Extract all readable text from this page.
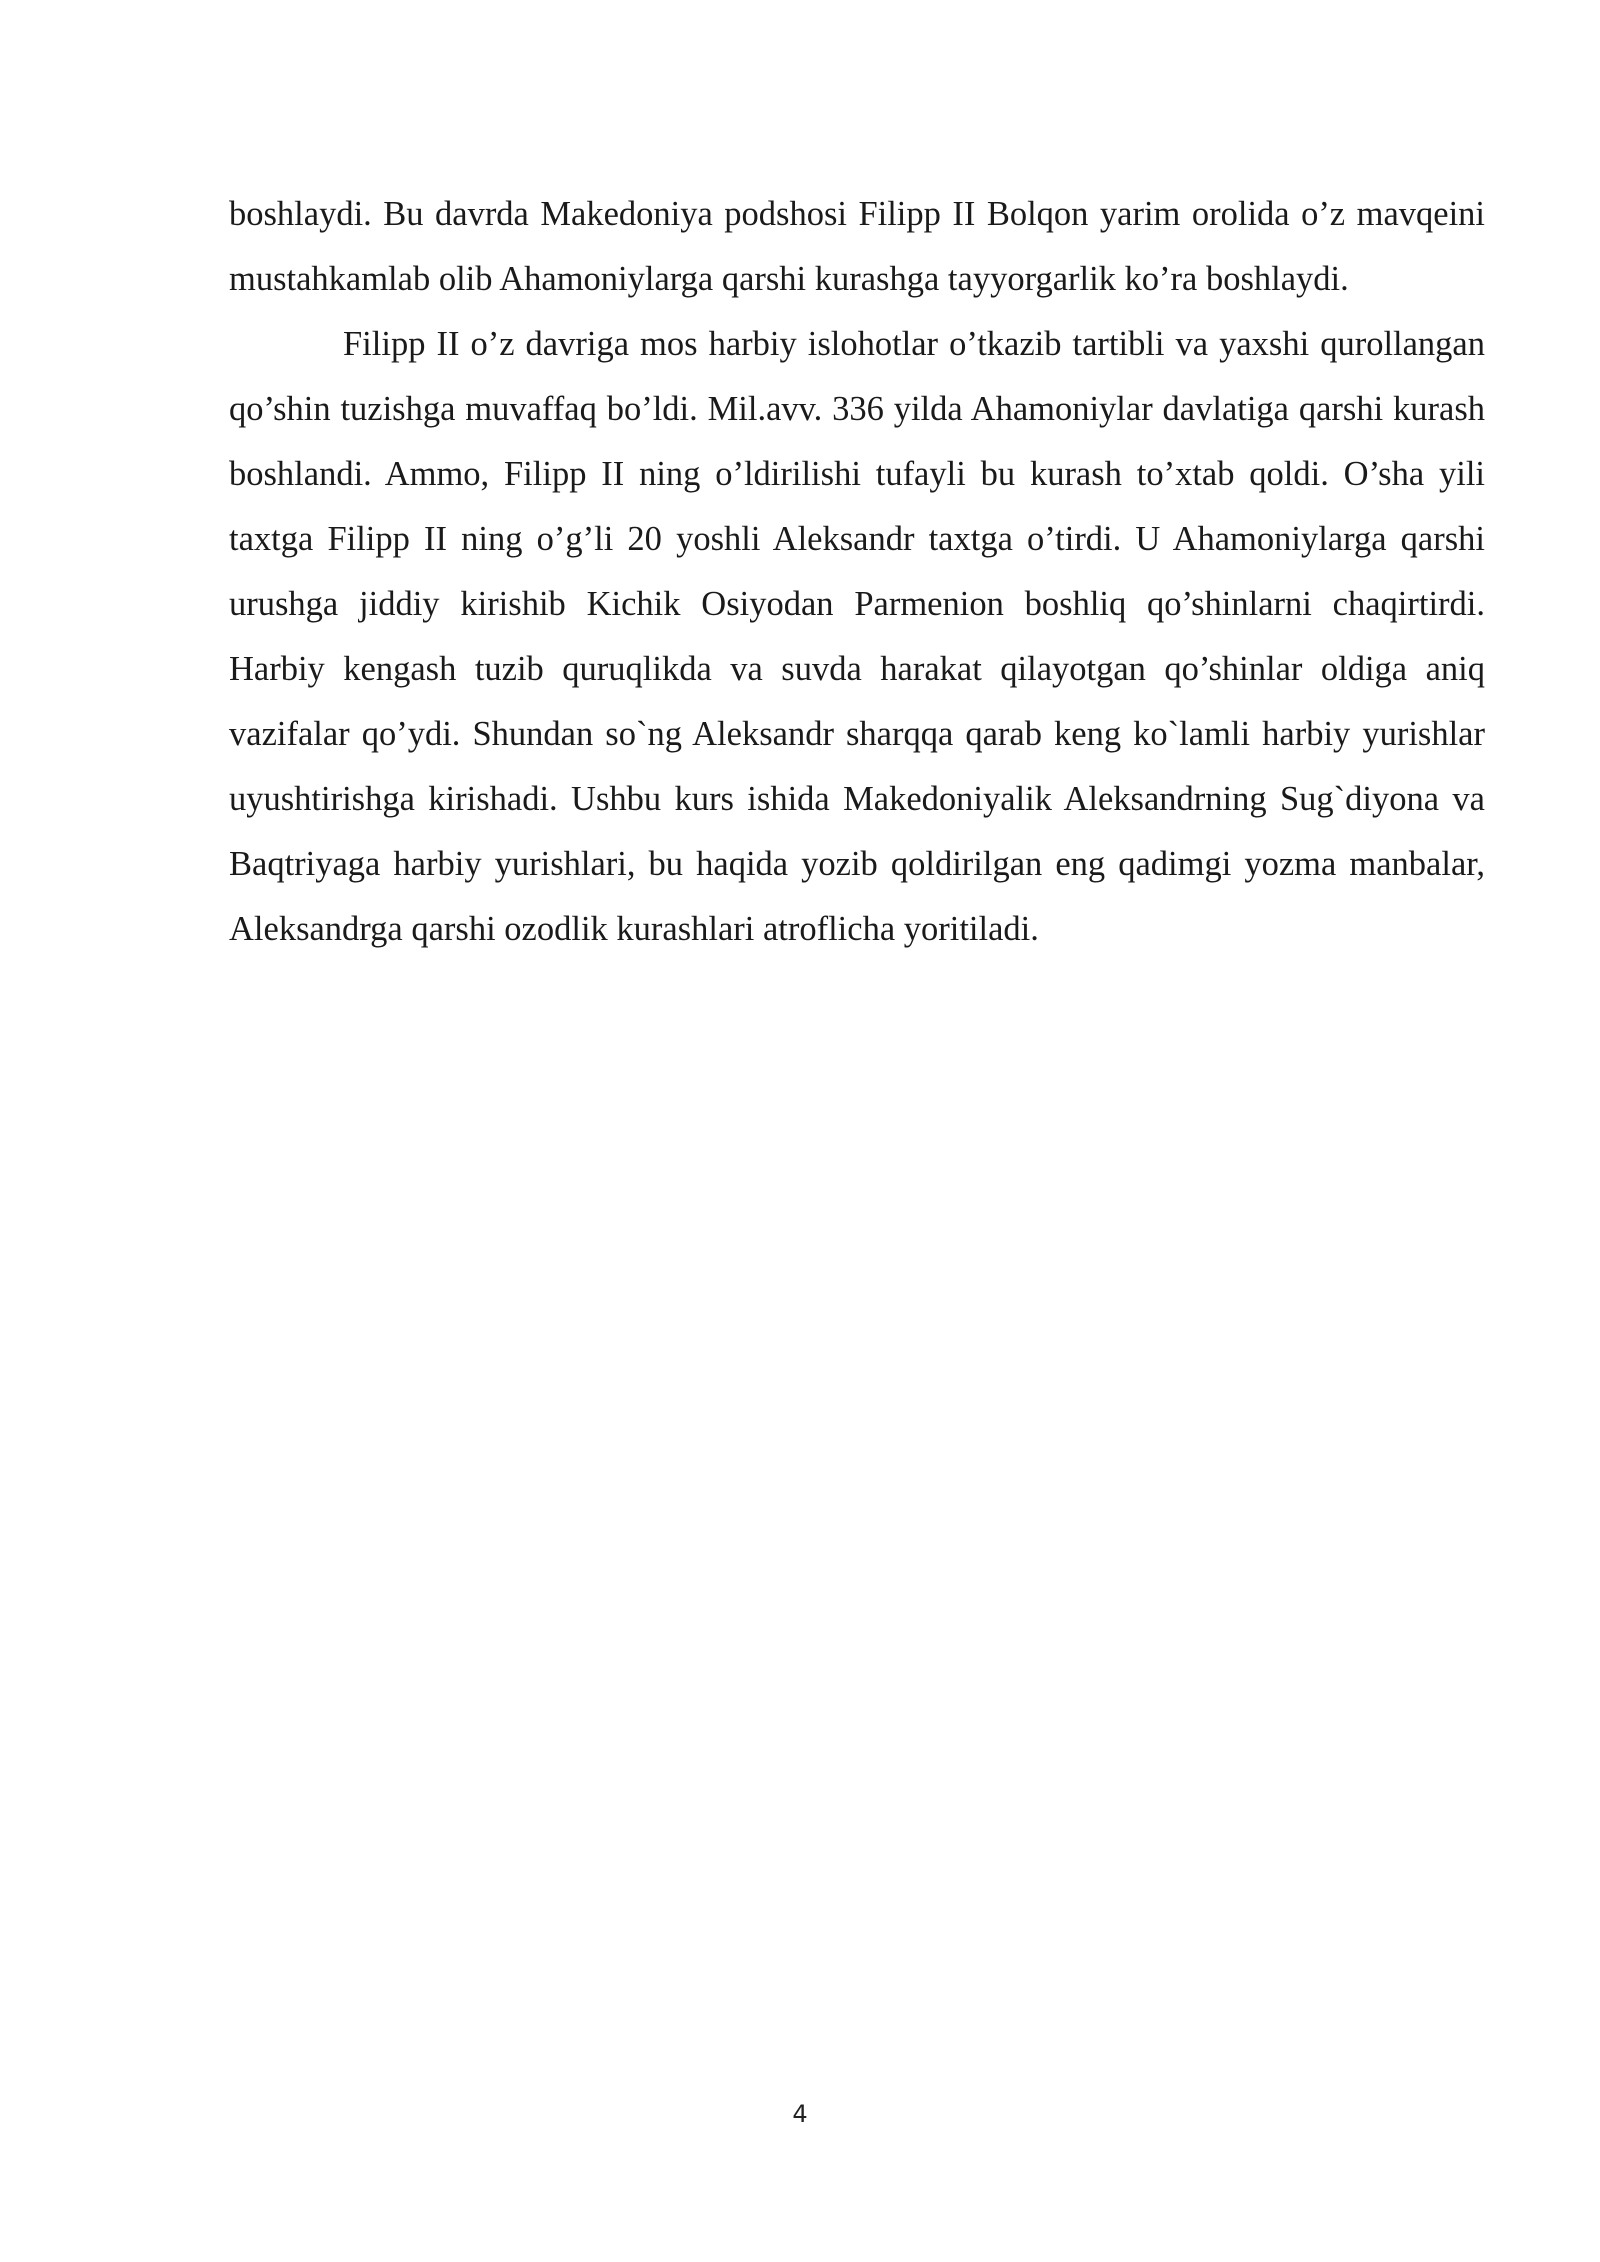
boshlaydi. Bu davrda Makedoniya podshosi Filipp II Bolqon yarim orolida o’z mavqeini mustahkamlab olib Ahamoniylarga qarshi kurashga tayyorgarlik ko’ra boshlaydi.

Filipp II o’z davriga mos harbiy islohotlar o’tkazib tartibli va yaxshi qurollangan qo’shin tuzishga muvaffaq bo’ldi. Mil.avv. 336 yilda Ahamoniylar davlatiga qarshi kurash boshlandi. Ammo, Filipp II ning o’ldirilishi tufayli bu kurash to’xtab qoldi. O’sha yili taxtga Filipp II ning o’g’li 20 yoshli Aleksandr taxtga o’tirdi. U Ahamoniylarga qarshi urushga jiddiy kirishib Kichik Osiyodan Parmenion boshliq qo’shinlarni chaqirtirdi. Harbiy kengash tuzib quruqlikda va suvda harakat qilayotgan qo’shinlar oldiga aniq vazifalar qo’ydi. Shundan so`ng Aleksandr sharqqa qarab keng ko`lamli harbiy yurishlar uyushtirishga kirishadi. Ushbu kurs ishida Makedoniyalik Aleksandrning Sug`diyona va Baqtriyaga harbiy yurishlari, bu haqida yozib qoldirilgan eng qadimgi yozma manbalar, Aleksandrga qarshi ozodlik kurashlari atroflicha yoritiladi.

4
